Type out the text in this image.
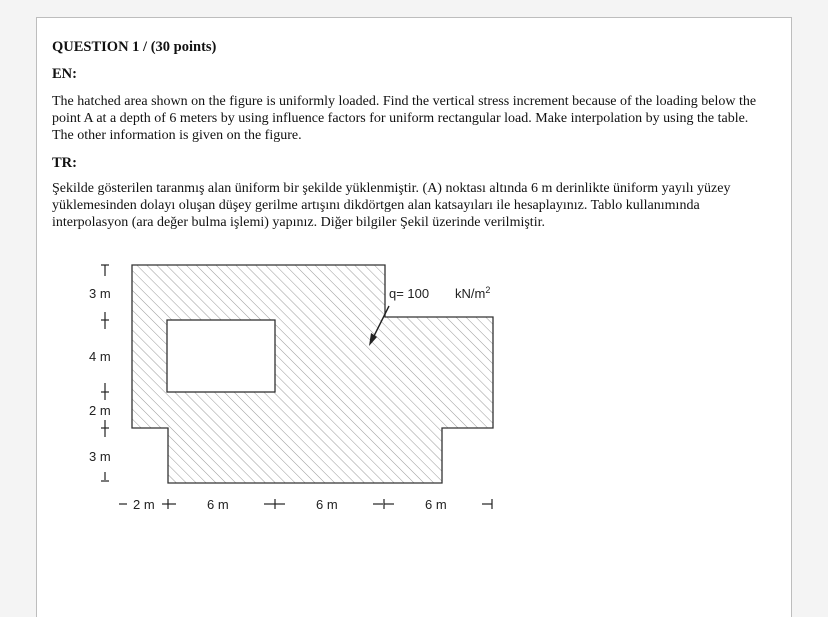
QUESTION 1 / (30 points)
EN:
The hatched area shown on the figure is uniformly loaded. Find the vertical stress increment because of the loading below the point A at a depth of 6 meters by using influence factors for uniform rectangular load. Make interpolation by using the table. The other information is given on the figure.
TR:
Şekilde gösterilen taranmış alan üniform bir şekilde yüklenmiştir. (A) noktası altında 6 m derinlikte üniform yayılı yüzey yüklemesinden dolayı oluşan düşey gerilme artışını dikdörtgen alan katsayıları ile hesaplayınız. Tablo kullanımında interpolasyon (ara değer bulma işlemi) yapınız. Diğer bilgiler Şekil üzerinde verilmiştir.
q= 100 $kN/m^2$
3 m
4 m
2 m
3 m
2 m	6 m	6 m	6 m
